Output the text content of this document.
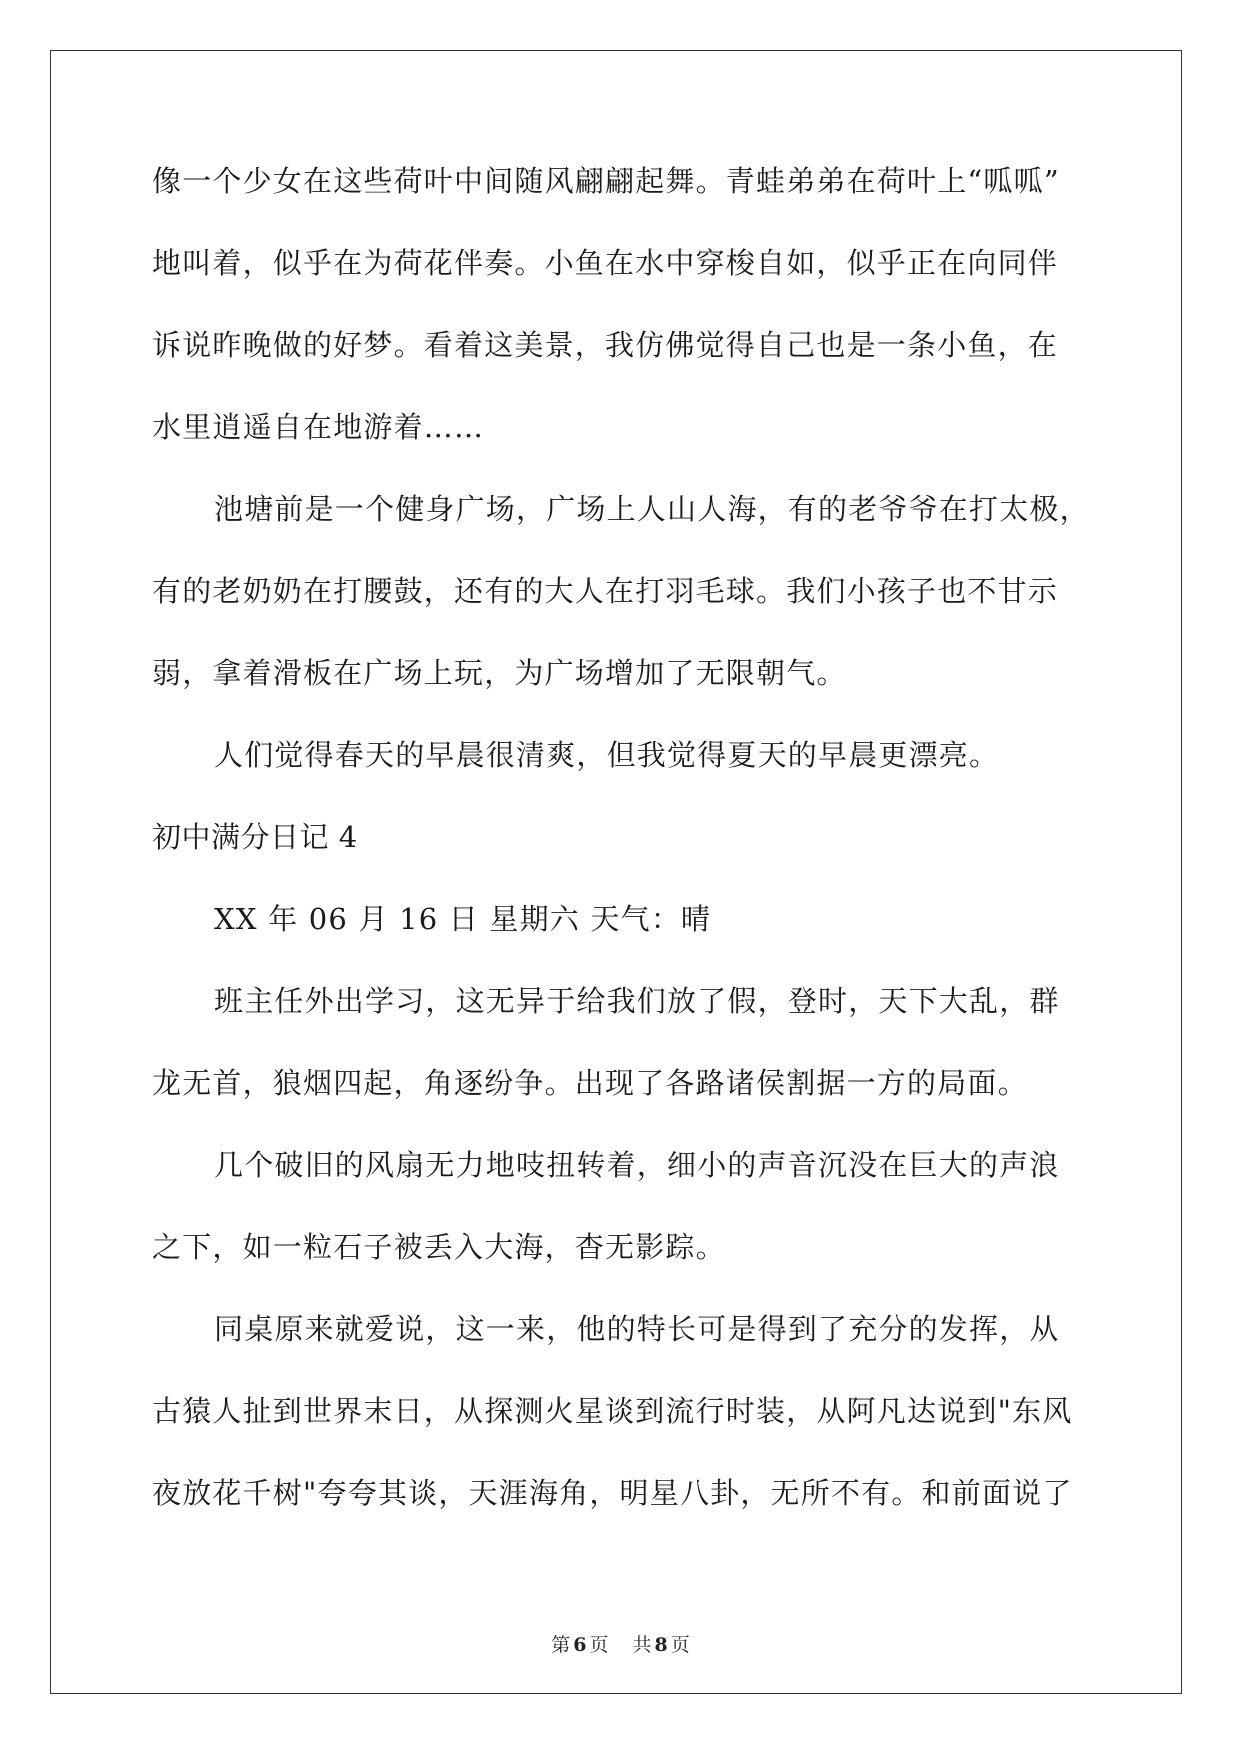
像一个少女在这些荷叶中间随风翩翩起舞。青蛙弟弟在荷叶上“呱呱”
地叫着，似乎在为荷花伴奏。小鱼在水中穿梭自如，似乎正在向同伴
诉说昨晚做的好梦。看着这美景，我仿佛觉得自己也是一条小鱼，在
水里逍遥自在地游着……
池塘前是一个健身广场，广场上人山人海，有的老爷爷在打太极，
有的老奶奶在打腰鼓，还有的大人在打羽毛球。我们小孩子也不甘示
弱，拿着滑板在广场上玩，为广场增加了无限朝气。
人们觉得春天的早晨很清爽，但我觉得夏天的早晨更漂亮。
初中满分日记 4
XX 年 06 月 16 日 星期六 天气：晴
班主任外出学习，这无异于给我们放了假，登时，天下大乱，群
龙无首，狼烟四起，角逐纷争。出现了各路诸侯割据一方的局面。
几个破旧的风扇无力地吱扭转着，细小的声音沉没在巨大的声浪
之下，如一粒石子被丢入大海，杳无影踪。
同桌原来就爱说，这一来，他的特长可是得到了充分的发挥，从
古猿人扯到世界末日，从探测火星谈到流行时装，从阿凡达说到"东风
夜放花千树"夸夸其谈，天涯海角，明星八卦，无所不有。和前面说了
第 6 页 共 8 页
